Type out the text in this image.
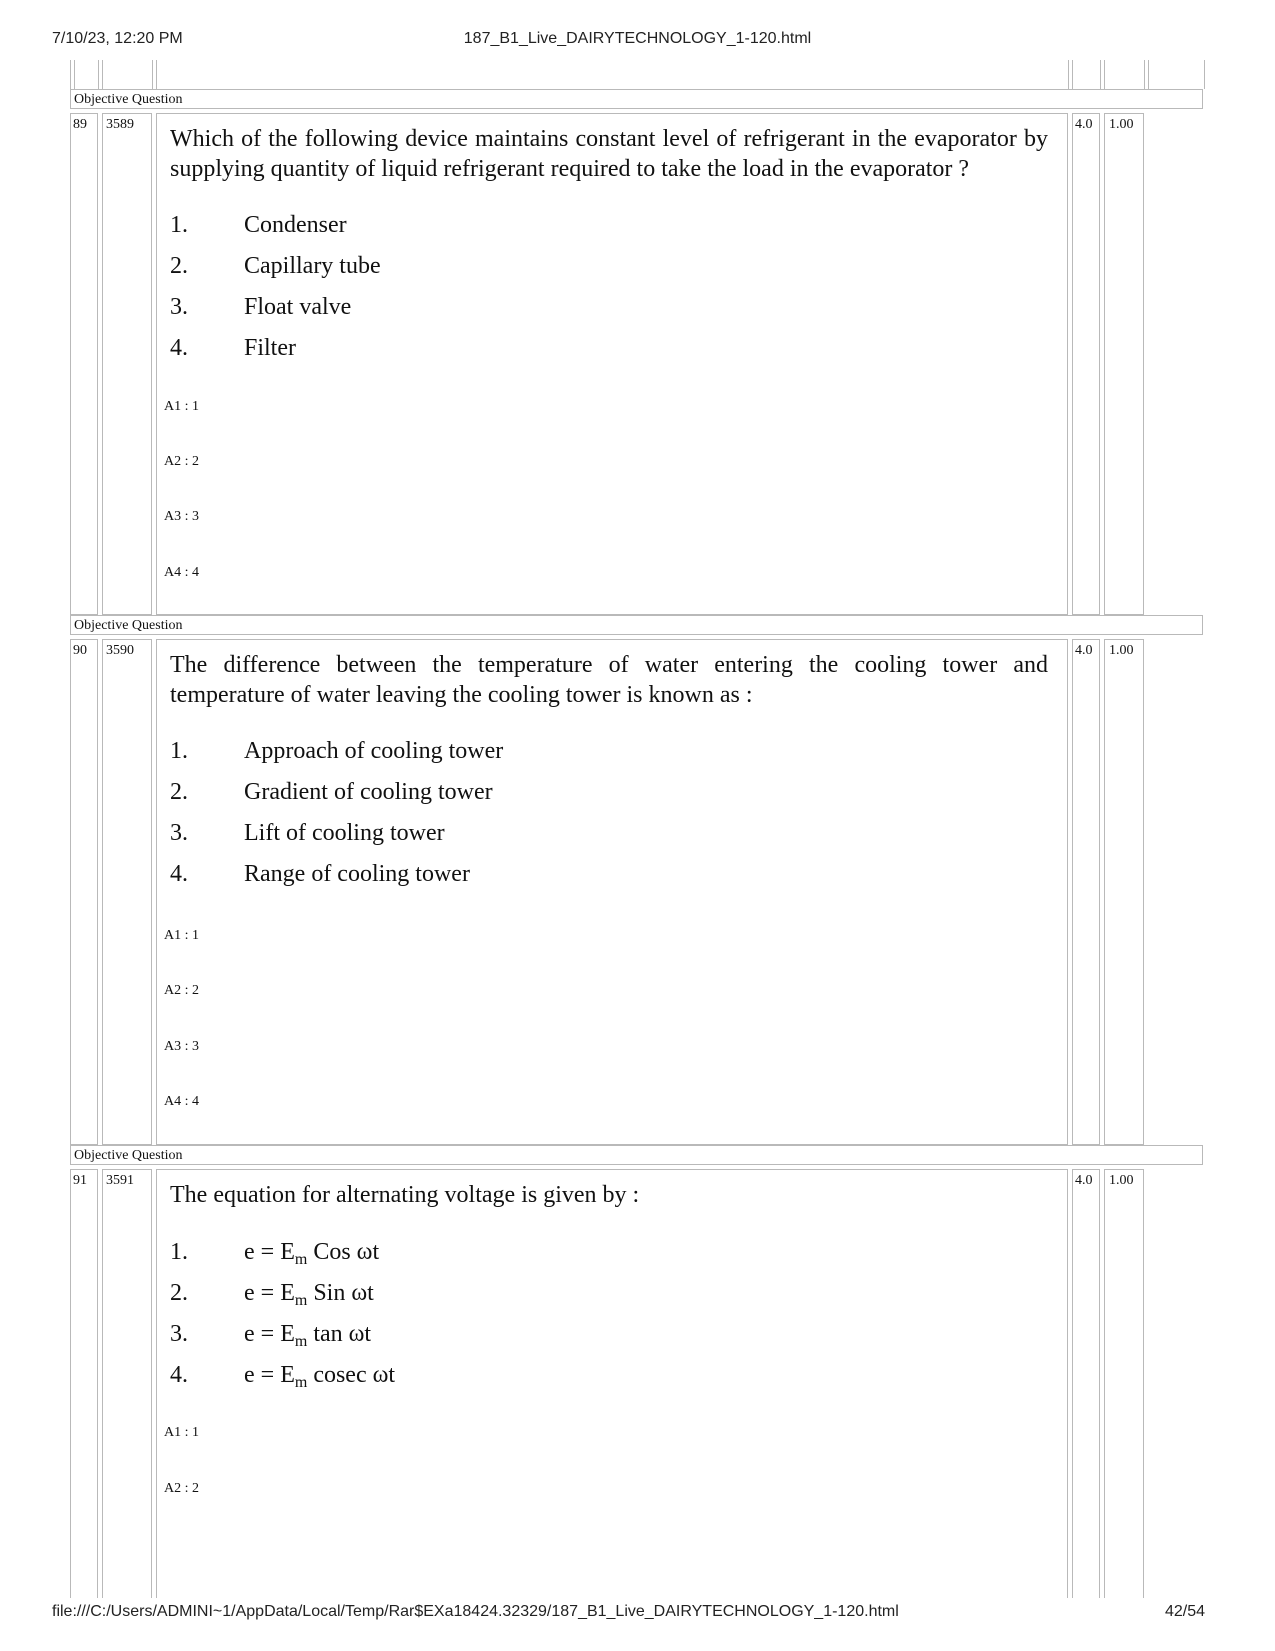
7/10/23, 12:20 PM	187_B1_Live_DAIRYTECHNOLOGY_1-120.html
Objective Question
89	3589
Which of the following device maintains constant level of refrigerant in the evaporator by supplying quantity of liquid refrigerant required to take the load in the evaporator ?
1. Condenser
2. Capillary tube
3. Float valve
4. Filter
A1 : 1
A2 : 2
A3 : 3
A4 : 4
4.0	1.00
Objective Question
90	3590
The difference between the temperature of water entering the cooling tower and temperature of water leaving the cooling tower is known as :
1. Approach of cooling tower
2. Gradient of cooling tower
3. Lift of cooling tower
4. Range of cooling tower
A1 : 1
A2 : 2
A3 : 3
A4 : 4
4.0	1.00
Objective Question
91	3591
The equation for alternating voltage is given by :
1. $e = E_m$ Cos ωt
2. $e = E_m$ Sin ωt
3. $e = E_m$ tan ωt
4. $e = E_m$ cosec ωt
A1 : 1
A2 : 2
4.0	1.00
file:///C:/Users/ADMINI~1/AppData/Local/Temp/Rar$EXa18424.32329/187_B1_Live_DAIRYTECHNOLOGY_1-120.html	42/54
